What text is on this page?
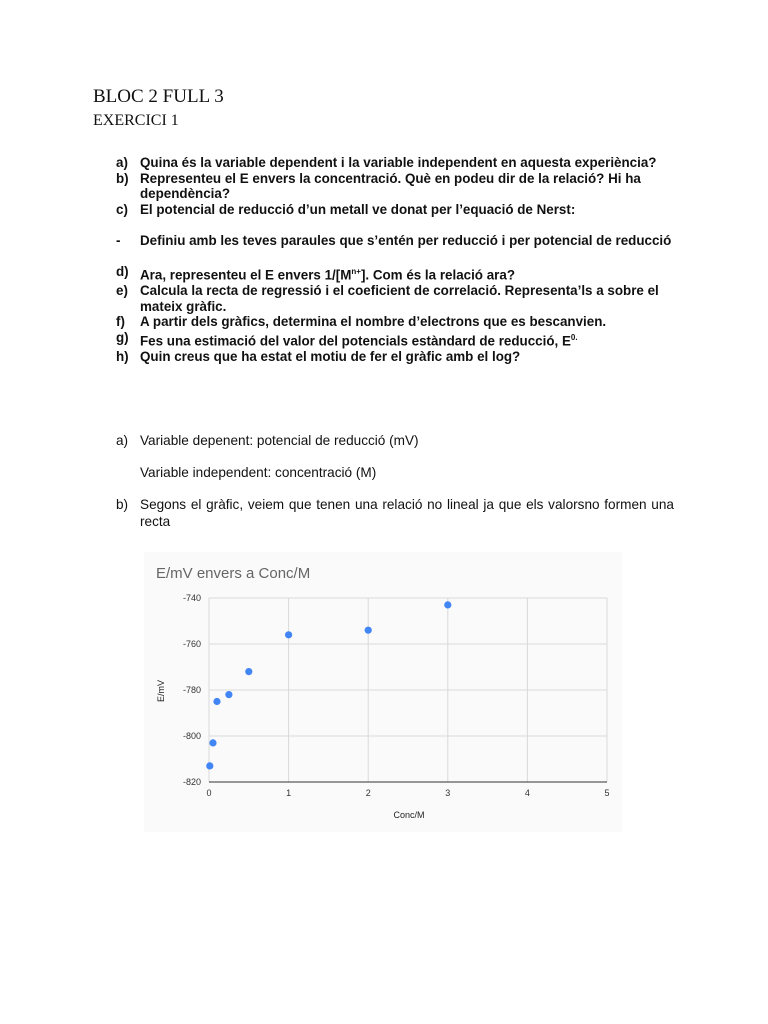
BLOC 2 FULL 3
EXERCICI 1
a) Quina és la variable dependent i la variable independent en aquesta experiència?
b) Representeu el E envers la concentració. Què en podeu dir de la relació? Hi ha dependència?
c) El potencial de reducció d’un metall ve donat per l’equació de Nerst:
-	Definiu amb les teves paraules que s’entén per reducció i per potencial de reducció
d) Ara, representeu el E envers $1/[M^{n+}]$. Com és la relació ara?
e) Calcula la recta de regressió i el coeficient de correlació. Representa’ls a sobre el mateix gràfic.
f)	A partir dels gràfics, determina el nombre d’electrons que es bescanvien.
g) Fes una estimació del valor del potencials estàndard de reducció, $E^{0.}$
h) Quin creus que ha estat el motiu de fer el gràfic amb el log?
a) Variable depenent: potencial de reducció (mV)
Variable independent: concentració (M)
b) Segons el gràfic, veiem que tenen una relació no lineal ja que els valorsno formen una recta
E/mV envers a Conc/M
-740
-760
-780
-800
-820
0	1	2	3	4	5
Conc/M
E/mV
